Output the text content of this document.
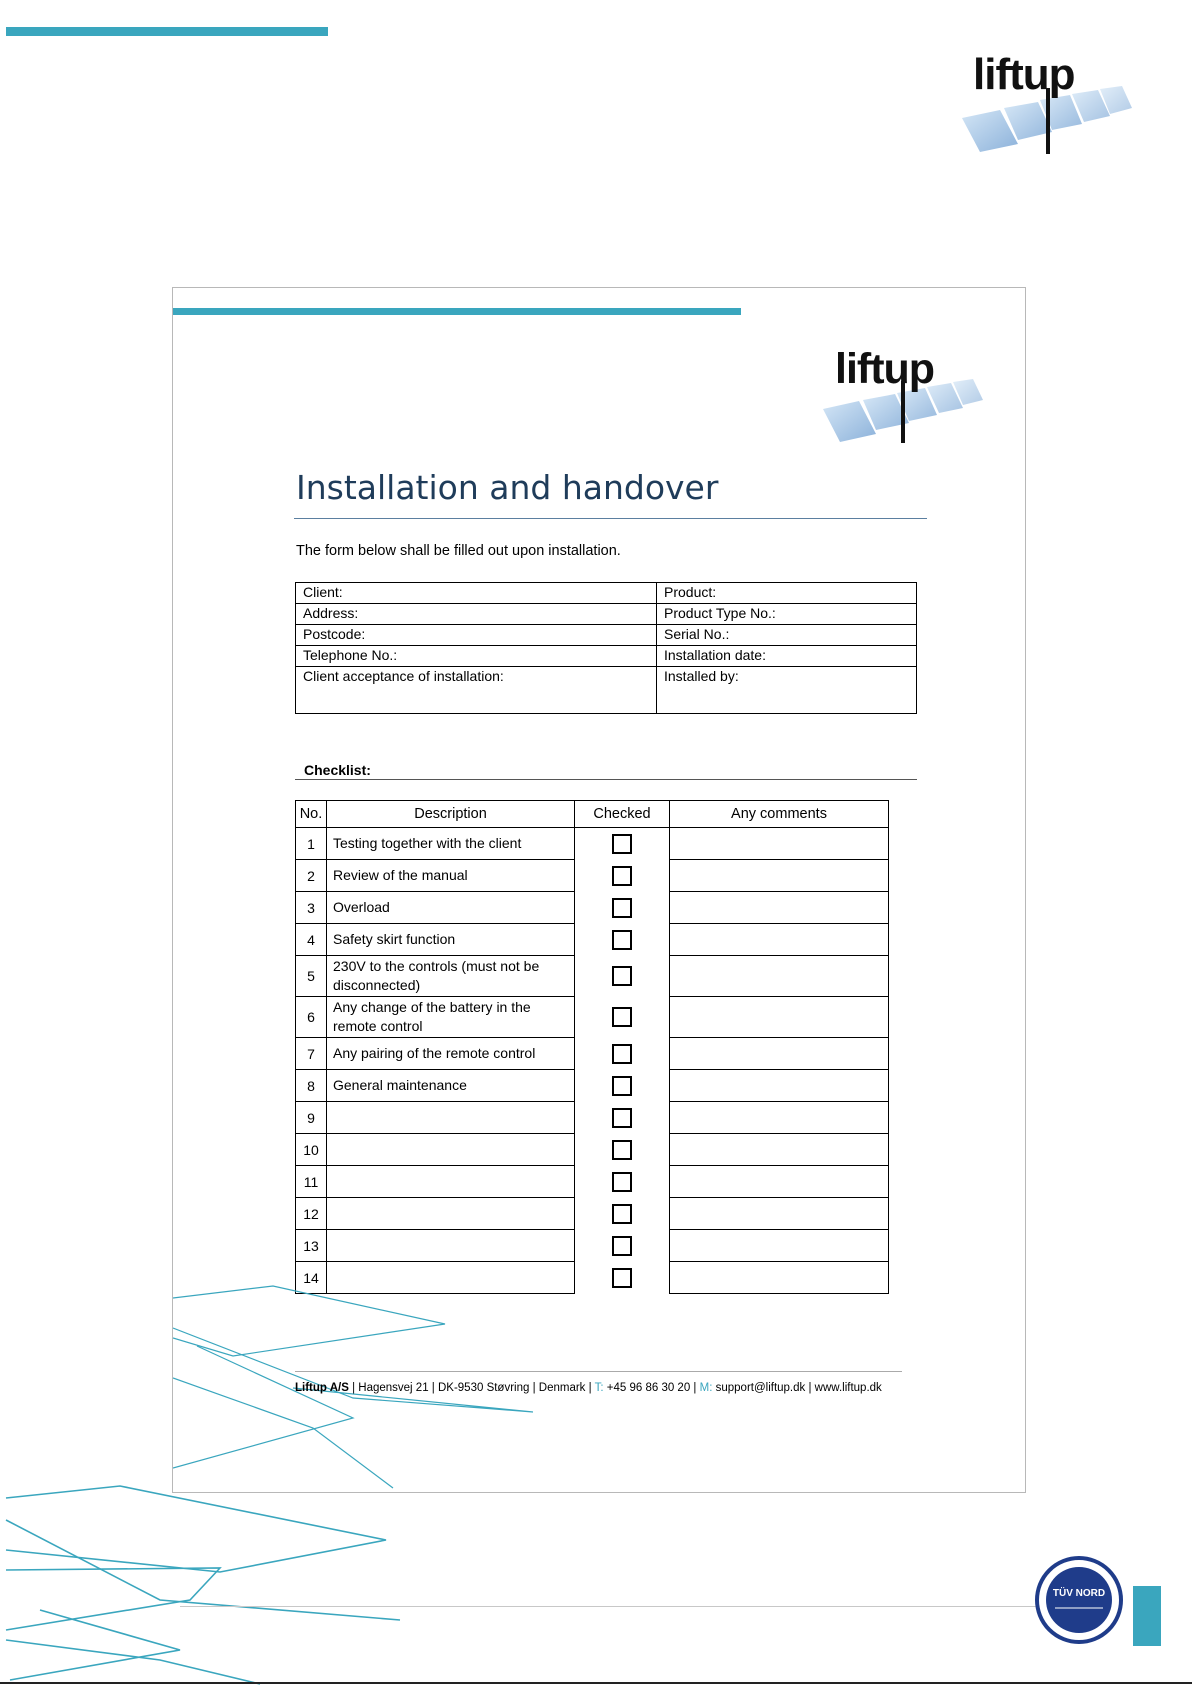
liftup
liftup
Installation and handover
The form below shall be filled out upon installation.
Client:	Product:
Address:	Product Type No.:
Postcode:	Serial No.:
Telephone No.:	Installation date:
Client acceptance of installation:	Installed by:
Checklist:
No.	Description	Checked	Any comments
1	Testing together with the client		
2	Review of the manual		
3	Overload		
4	Safety skirt function		
5	230V to the controls (must not be disconnected)		
6	Any change of the battery in the remote control		
7	Any pairing of the remote control		
8	General maintenance		
9			
10			
11			
12			
13			
14			
Liftup A/S | Hagensvej 21 | DK-9530 Støvring | Denmark | T: +45 96 86 30 20 | M: support@liftup.dk | www.liftup.dk
TÜV NORD
